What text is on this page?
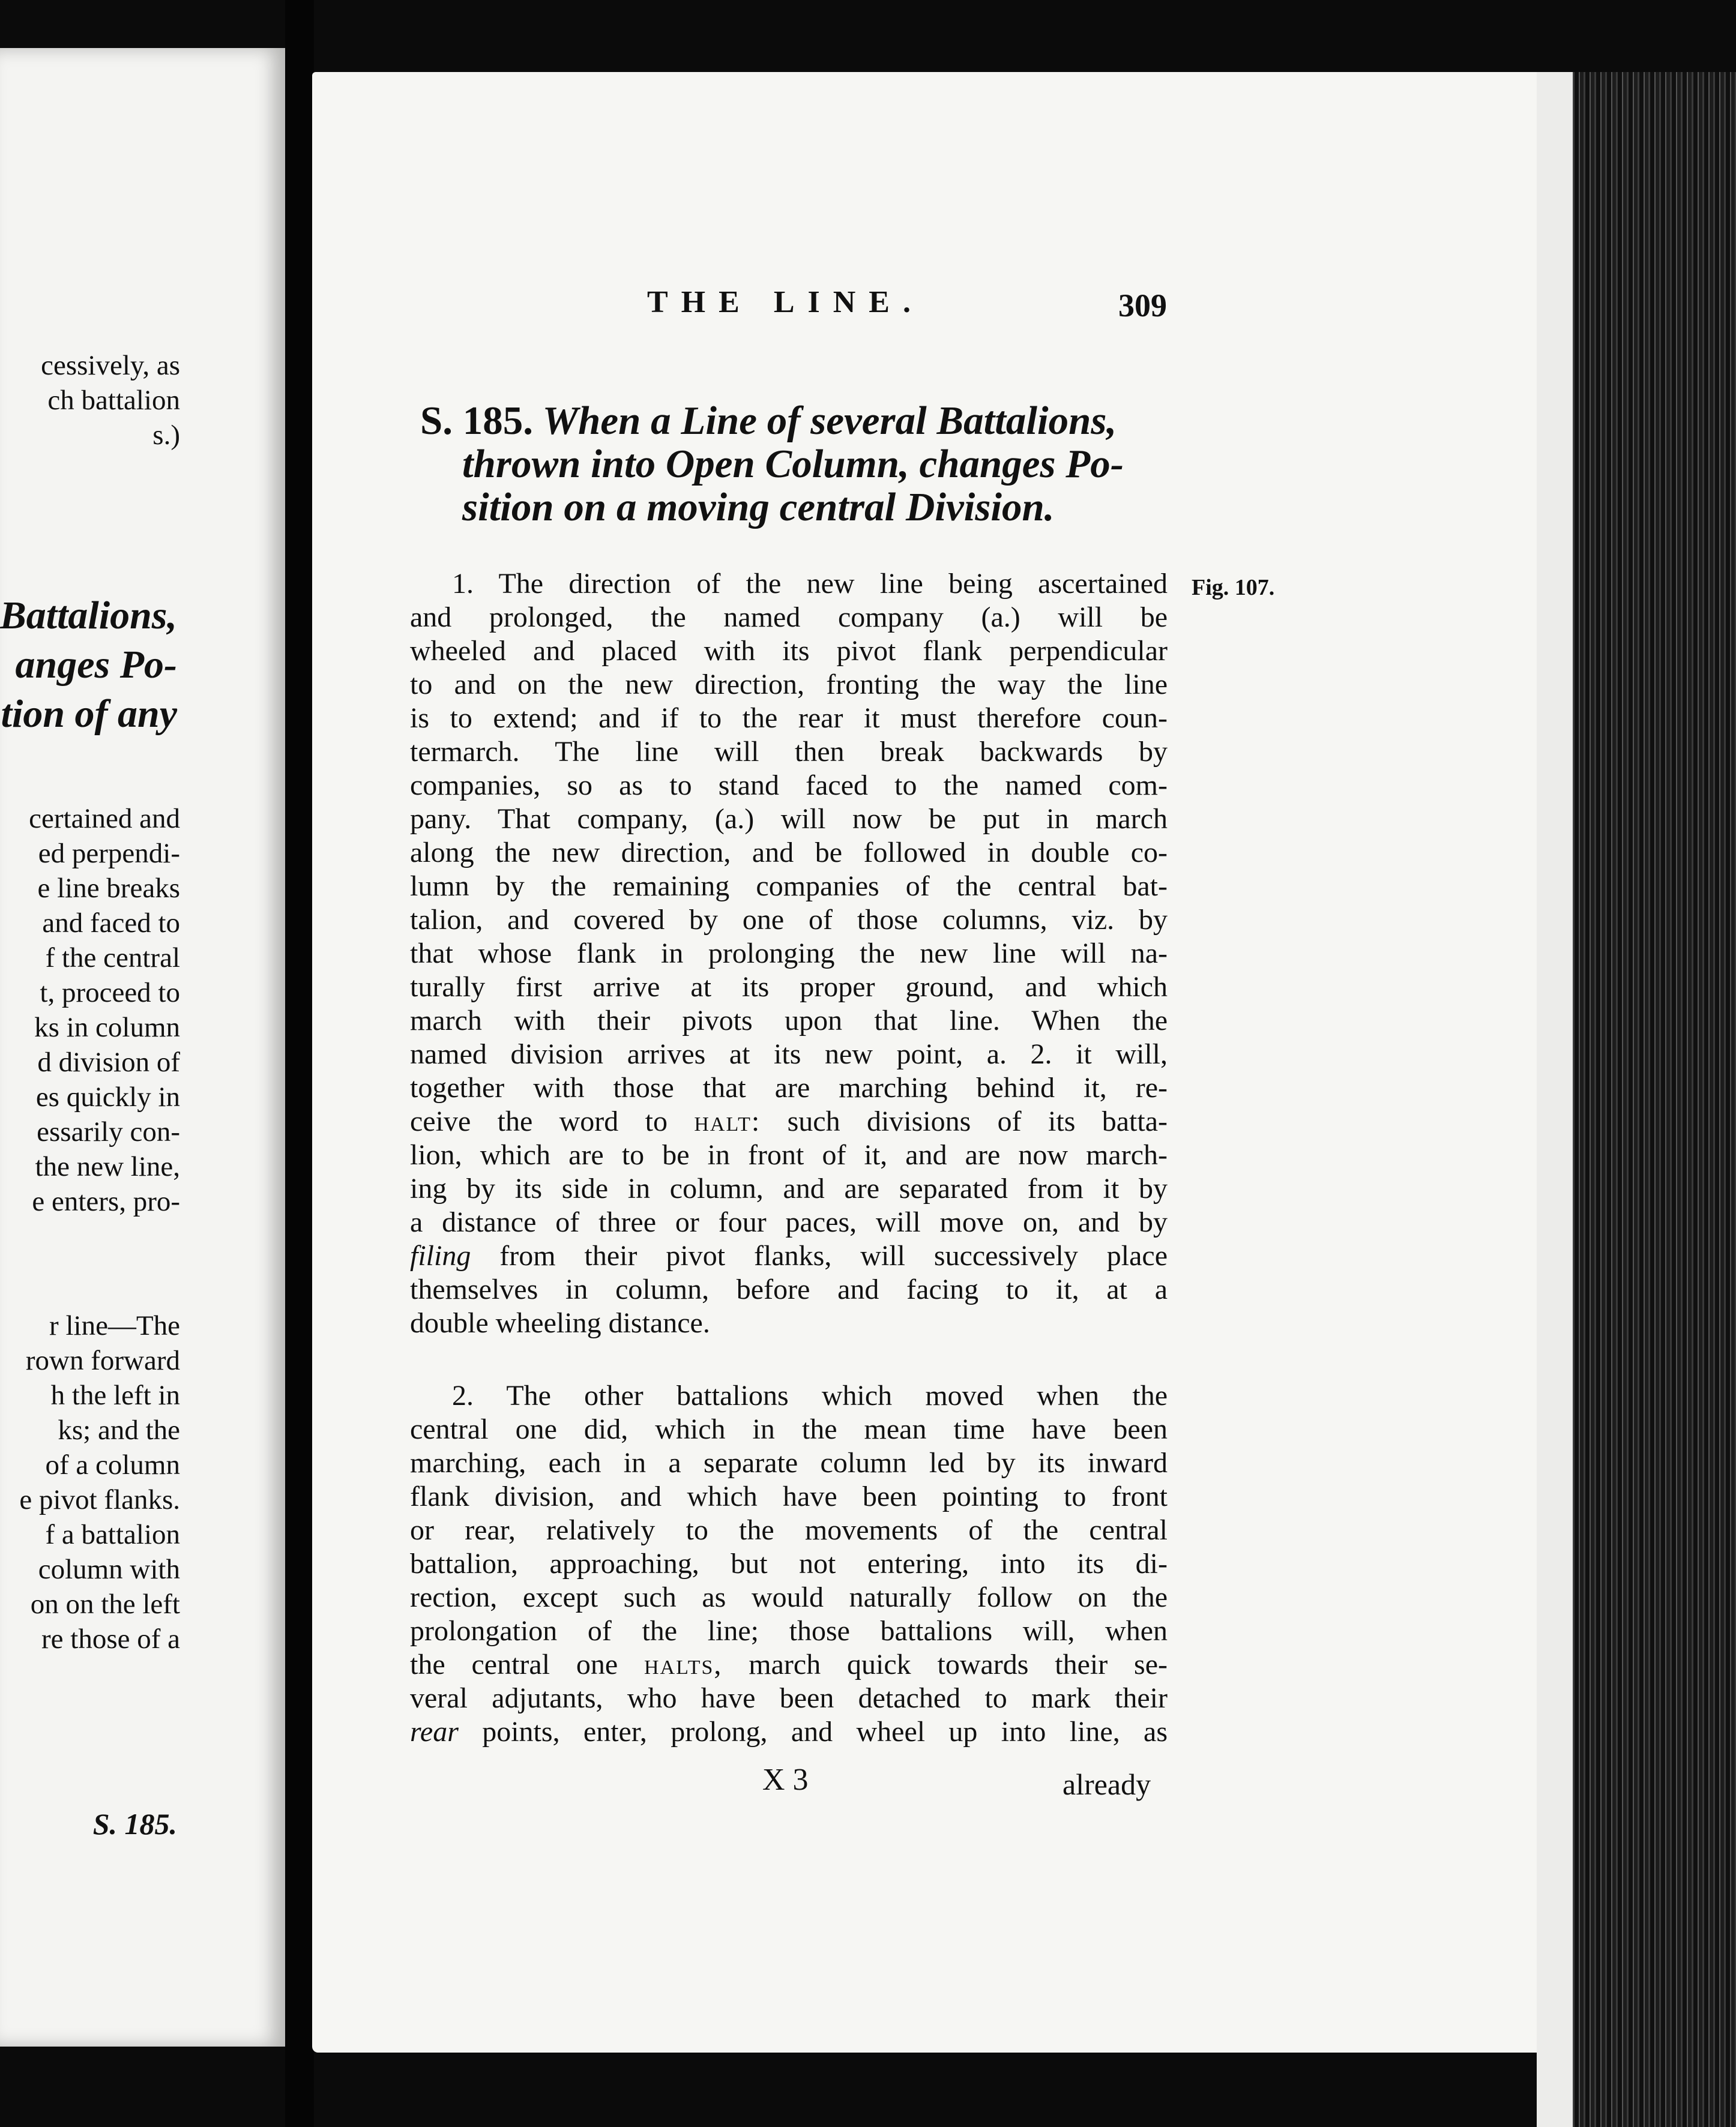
cessively, as
ch battalion
s.)
Battalions,
anges Po-
tion of any
certained and
ed perpendi-
e line breaks
and faced to
f the central
t, proceed to
ks in column
d division of
es quickly in
essarily con-
the new line,
e enters, pro-
r line—The
rown forward
h the left in
ks; and the
of a column
e pivot flanks.
f a battalion
column with
on on the left
re those of a
S. 185.
THE LINE.	309
S. 185. When a Line of several Battalions,
thrown into Open Column, changes Po-
sition on a moving central Division.
Fig. 107.
1. The direction of the new line being ascertained
and prolonged, the named company (a.) will be
wheeled and placed with its pivot flank perpendicular
to and on the new direction, fronting the way the line
is to extend; and if to the rear it must therefore coun-
termarch. The line will then break backwards by
companies, so as to stand faced to the named com-
pany. That company, (a.) will now be put in march
along the new direction, and be followed in double co-
lumn by the remaining companies of the central bat-
talion, and covered by one of those columns, viz. by
that whose flank in prolonging the new line will na-
turally first arrive at its proper ground, and which
march with their pivots upon that line. When the
named division arrives at its new point, a. 2. it will,
together with those that are marching behind it, re-
ceive the word to halt: such divisions of its batta-
lion, which are to be in front of it, and are now march-
ing by its side in column, and are separated from it by
a distance of three or four paces, will move on, and by
filing from their pivot flanks, will successively place
themselves in column, before and facing to it, at a
double wheeling distance.
2. The other battalions which moved when the
central one did, which in the mean time have been
marching, each in a separate column led by its inward
flank division, and which have been pointing to front
or rear, relatively to the movements of the central
battalion, approaching, but not entering, into its di-
rection, except such as would naturally follow on the
prolongation of the line; those battalions will, when
the central one halts, march quick towards their se-
veral adjutants, who have been detached to mark their
rear points, enter, prolong, and wheel up into line, as
X 3	already
